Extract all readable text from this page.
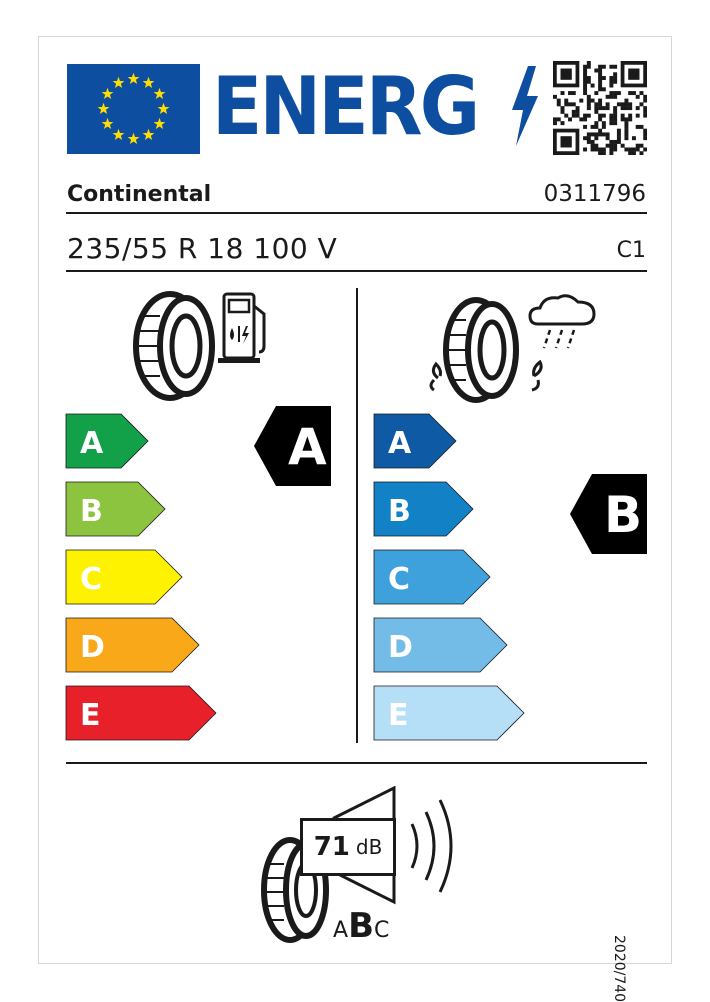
ENERG
Continental	0311796
235/55 R 18 100 V	C1
A
B
C
D
E
A
B
C
D
E
A
B
71 dB
ABC
2020/740
